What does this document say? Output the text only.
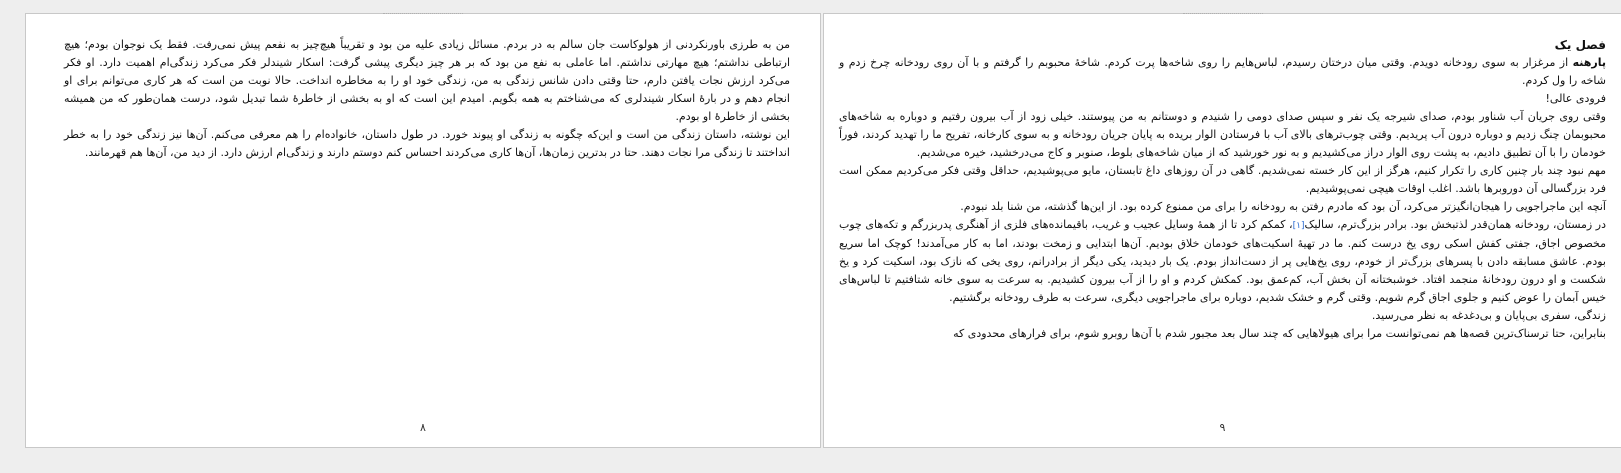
من به طرزی باورنکردنی از هولوکاست جان سالم به در بردم. مسائل زیادی علیه من بود و تقریباً هیچ‌چیز به نفعم پیش نمی‌رفت. فقط یک نوجوان بودم؛ هیچ ارتباطی نداشتم؛ هیچ مهارتی نداشتم. اما عاملی به نفع من بود که بر هر چیز دیگری پیشی گرفت: اسکار شیندلر فکر می‌کرد زندگی‌ام اهمیت دارد. او فکر می‌کرد ارزش نجات یافتن دارم، حتا وقتی دادن شانس زندگی به من، زندگی خود او را به مخاطره انداخت. حالا نوبت من است که هر کاری می‌توانم برای او انجام دهم و در بارهٔ اسکار شیندلری که می‌شناختم به همه بگویم. امیدم این است که او به بخشی از خاطرهٔ شما تبدیل شود، درست همان‌طور که من همیشه بخشی از خاطرهٔ او بودم.

این نوشته، داستان زندگی من است و این‌که چگونه به زندگی او پیوند خورد. در طول داستان، خانواده‌ام را هم معرفی می‌کنم. آن‌ها نیز زندگی خود را به خطر انداختند تا زندگی مرا نجات دهند. حتا در بدترین زمان‌ها، آن‌ها کاری می‌کردند احساس کنم دوستم دارند و زندگی‌ام ارزش دارد. از دید من، آن‌ها هم قهرمانند.

۸

فصل یک

پارهنه از مرغزار به سوی رودخانه دویدم. وقتی میان درختان رسیدم، لباس‌هایم را روی شاخه‌ها پرت کردم. شاخهٔ محبوبم را گرفتم و با آن روی رودخانه چرخ زدم و شاخه را ول کردم.

فرودی عالی!

وقتی روی جریان آب شناور بودم، صدای شیرجه یک نفر و سپس صدای دومی را شنیدم و دوستانم به من پیوستند. خیلی زود از آب بیرون رفتیم و دوباره به شاخه‌های محبوبمان چنگ زدیم و دوباره درون آب پریدیم. وقتی چوب‌ترهای بالای آب با فرستادن الوار بریده به پایان جریان رودخانه و به سوی کارخانه، تفریح ما را تهدید کردند، فوراً خودمان را با آن تطبیق دادیم، به پشت روی الوار دراز می‌کشیدیم و به نور خورشید که از میان شاخه‌های بلوط، صنوبر و کاج می‌درخشید، خیره می‌شدیم.

مهم نبود چند بار چنین کاری را تکرار کنیم، هرگز از این کار خسته نمی‌شدیم. گاهی در آن روزهای داغ تابستان، مایو می‌پوشیدیم، حداقل وقتی فکر می‌کردیم ممکن است فرد بزرگسالی آن دوروبرها باشد. اغلب اوقات هیچی نمی‌پوشیدیم.

آنچه این ماجراجویی را هیجان‌انگیزتر می‌کرد، آن بود که مادرم رفتن به رودخانه را برای من ممنوع کرده بود. از این‌ها گذشته، من شنا بلد نبودم.

در زمستان، رودخانه همان‌قدر لذتبخش بود. برادر بزرگ‌ترم، سالیک[۱]، کمکم کرد تا از همهٔ وسایل عجیب و غریب، باقیمانده‌های فلزی از آهنگری پدربزرگم و تکه‌های چوب مخصوص اجاق، جفتی کفش اسکی روی یخ درست کنم. ما در تهیهٔ اسکیت‌های خودمان خلاق بودیم. آن‌ها ابتدایی و زمخت بودند، اما به کار می‌آمدند! کوچک اما سریع بودم. عاشق مسابقه دادن با پسرهای بزرگ‌تر از خودم، روی یخ‌هایی پر از دست‌انداز بودم. یک بار دیدید، یکی دیگر از برادرانم، روی یخی که نازک بود، اسکیت کرد و یخ شکست و او درون رودخانهٔ منجمد افتاد. خوشبختانه آن بخش آب، کم‌عمق بود. کمکش کردم و او را از آب بیرون کشیدیم. به سرعت به سوی خانه شتافتیم تا لباس‌های خیس آبمان را عوض کنیم و جلوی اجاق گرم شویم. وقتی گرم و خشک شدیم، دوباره برای ماجراجویی دیگری، سرعت به طرف رودخانه برگشتیم.

زندگی، سفری بی‌پایان و بی‌دغدغه به نظر می‌رسید.

بنابراین، حتا ترسناک‌ترین قصه‌ها هم نمی‌توانست مرا برای هیولاهایی که چند سال بعد مجبور شدم با آن‌ها روبرو شوم، برای فرارهای محدودی که

۹
